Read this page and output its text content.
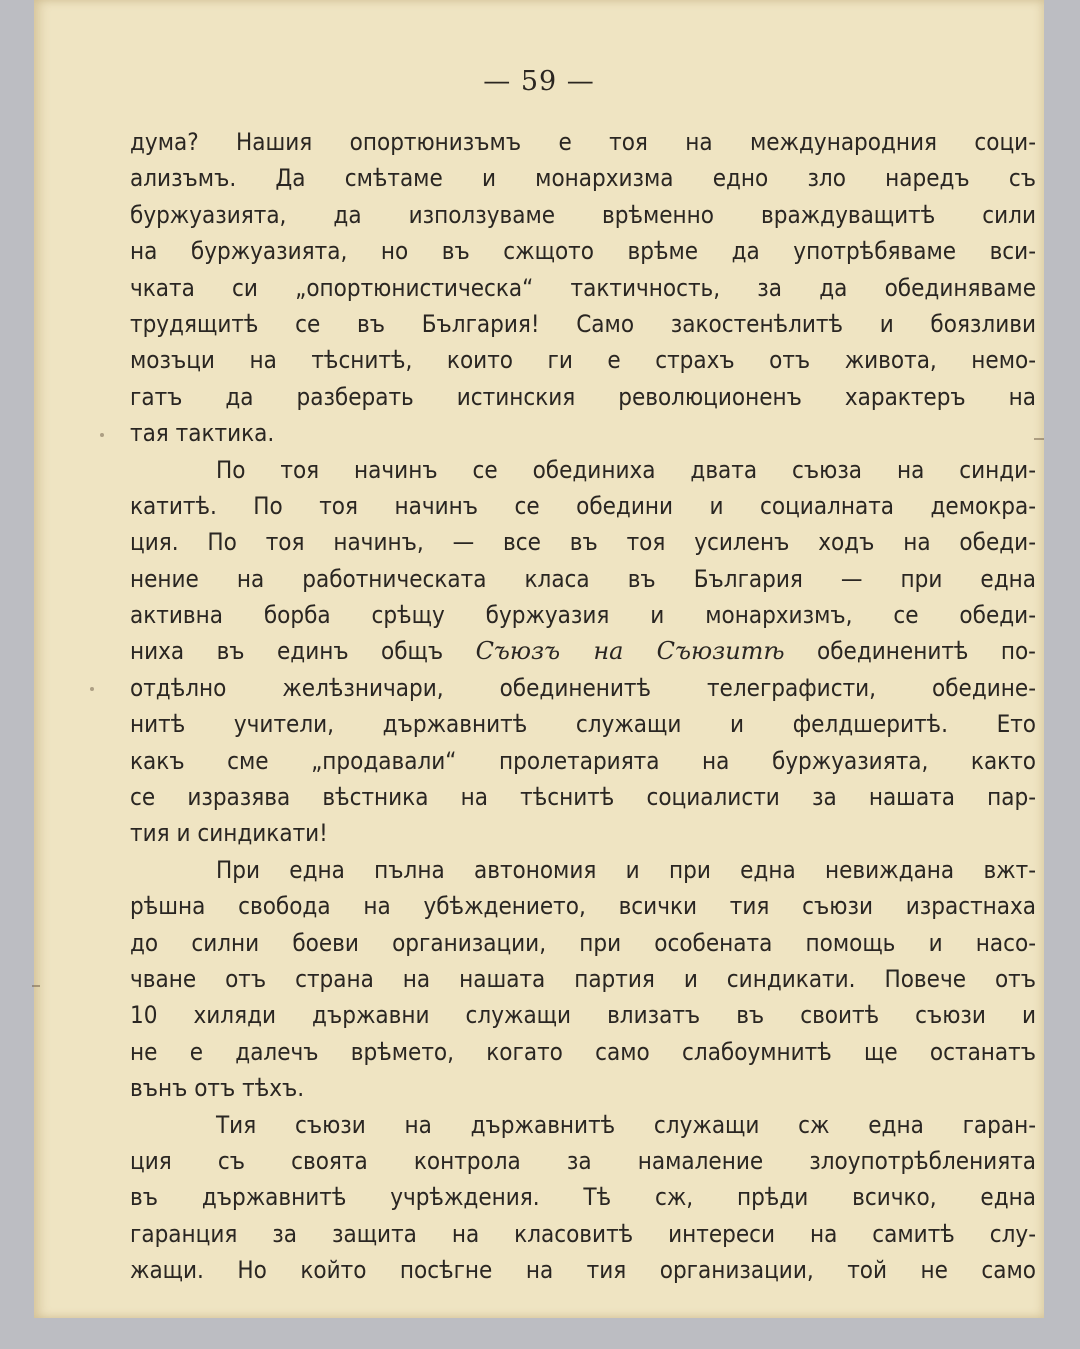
— 59 —
дума? Нашия опортюнизъмъ е тоя на международния соци-
ализъмъ. Да смѣтаме и монархизма едно зло наредъ съ
буржуазията, да използуваме врѣменно враждуващитѣ сили
на буржуазията, но въ сжщото врѣме да употрѣбяваме вси-
чката си „опортюнистическа“ тактичность, за да обединяваме
трудящитѣ се въ България! Само закостенѣлитѣ и боязливи
мозъци на тѣснитѣ, които ги е страхъ отъ живота, немо-
гатъ да разберать истинския революционенъ характеръ на
тая тактика.
По тоя начинъ се обединиха двата съюза на синди-
катитѣ. По тоя начинъ се обедини и социалната демокра-
ция. По тоя начинъ, — все въ тоя усиленъ ходъ на обеди-
нение на работническата класа въ България — при една
активна борба срѣщу буржуазия и монархизмъ, се обеди-
ниха въ единъ общъ Съюзъ на Съюзитѣ обединенитѣ по-
отдѣлно желѣзничари, обединенитѣ телеграфисти, обедине-
нитѣ учители, държавнитѣ служащи и фелдшеритѣ. Ето
какъ сме „продавали“ пролетарията на буржуазията, както
се изразява вѣстника на тѣснитѣ социалисти за нашата пар-
тия и синдикати!
При една пълна автономия и при една невиждана вжт-
рѣшна свобода на убѣждението, всички тия съюзи израстнаха
до силни боеви организации, при особената помощь и насо-
чване отъ страна на нашата партия и синдикати. Повече отъ
10 хиляди държавни служащи влизатъ въ своитѣ съюзи и
не е далечъ врѣмето, когато само слабоумнитѣ ще останатъ
вънъ отъ тѣхъ.
Тия съюзи на държавнитѣ служащи сж една гаран-
ция съ своята контрола за намаление злоупотрѣбленията
въ държавнитѣ учрѣждения. Тѣ сж, прѣди всичко, една
гаранция за защита на класовитѣ интереси на самитѣ слу-
жащи. Но който посѣгне на тия организации, той не само
